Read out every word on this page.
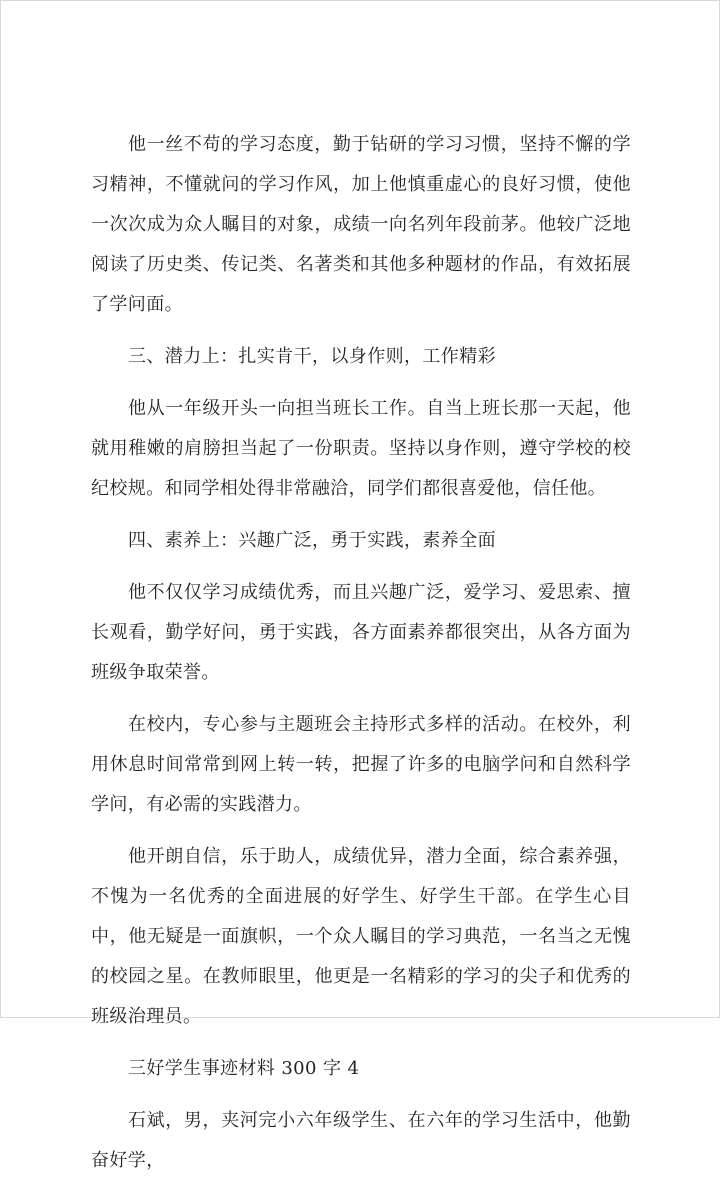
他一丝不苟的学习态度，勤于钻研的学习习惯，坚持不懈的学习精神，不懂就问的学习作风，加上他慎重虚心的良好习惯，使他一次次成为众人瞩目的对象，成绩一向名列年段前茅。他较广泛地阅读了历史类、传记类、名著类和其他多种题材的作品，有效拓展了学问面。

三、潜力上：扎实肯干，以身作则，工作精彩

他从一年级开头一向担当班长工作。自当上班长那一天起，他就用稚嫩的肩膀担当起了一份职责。坚持以身作则，遵守学校的校纪校规。和同学相处得非常融洽，同学们都很喜爱他，信任他。

四、素养上：兴趣广泛，勇于实践，素养全面

他不仅仅学习成绩优秀，而且兴趣广泛，爱学习、爱思索、擅长观看，勤学好问，勇于实践，各方面素养都很突出，从各方面为班级争取荣誉。

在校内，专心参与主题班会主持形式多样的活动。在校外，利用休息时间常常到网上转一转，把握了许多的电脑学问和自然科学学问，有必需的实践潜力。

他开朗自信，乐于助人，成绩优异，潜力全面，综合素养强，不愧为一名优秀的全面进展的好学生、好学生干部。在学生心目中，他无疑是一面旗帜，一个众人瞩目的学习典范，一名当之无愧的校园之星。在教师眼里，他更是一名精彩的学习的尖子和优秀的班级治理员。

三好学生事迹材料 300 字 4

石斌，男，夹河完小六年级学生、在六年的学习生活中，他勤奋好学，
